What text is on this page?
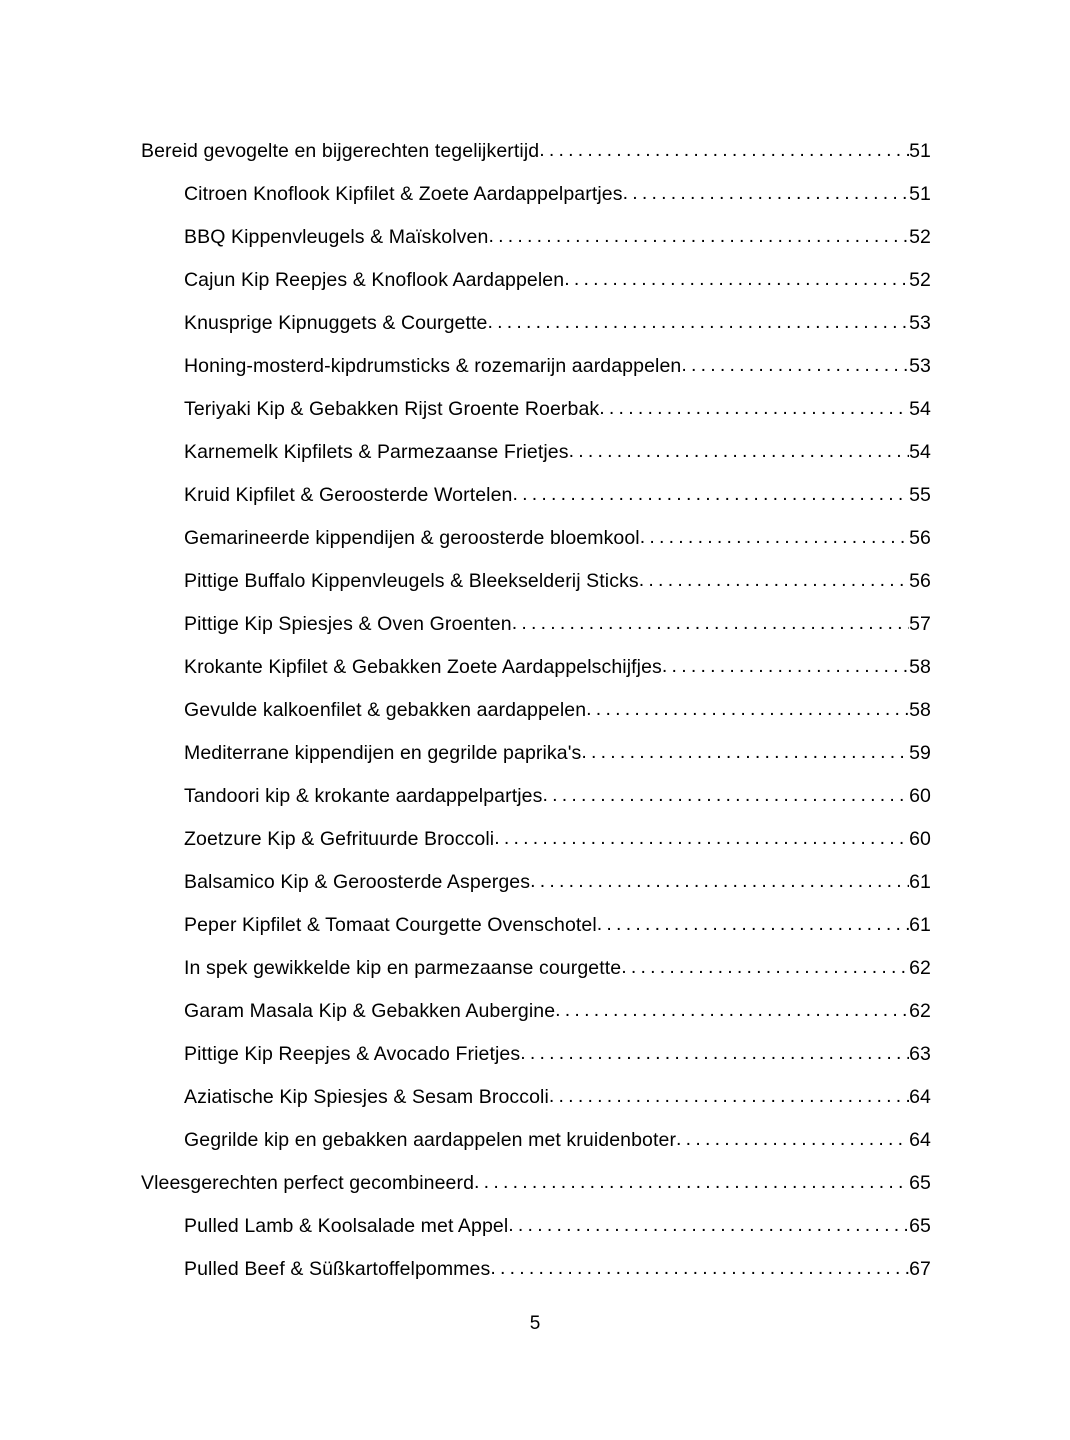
Bereid gevogelte en bijgerechten tegelijkertijd . . .	51
Citroen Knoflook Kipfilet & Zoete Aardappelpartjes . . .	51
BBQ Kippenvleugels & Maïskolven . . .	52
Cajun Kip Reepjes & Knoflook Aardappelen . . .	52
Knusprige Kipnuggets & Courgette . . .	53
Honing-mosterd-kipdrumsticks & rozemarijn aardappelen . . .	53
Teriyaki Kip & Gebakken Rijst Groente Roerbak . . .	54
Karnemelk Kipfilets & Parmezaanse Frietjes . . .	54
Kruid Kipfilet & Geroosterde Wortelen . . .	55
Gemarineerde kippendijen & geroosterde bloemkool . . .	56
Pittige Buffalo Kippenvleugels & Bleekselderij Sticks . . .	56
Pittige Kip Spiesjes & Oven Groenten . . .	57
Krokante Kipfilet & Gebakken Zoete Aardappelschijfjes . . .	58
Gevulde kalkoenfilet & gebakken aardappelen . . .	58
Mediterrane kippendijen en gegrilde paprika's . . .	59
Tandoori kip & krokante aardappelpartjes . . .	60
Zoetzure Kip & Gefrituurde Broccoli . . .	60
Balsamico Kip & Geroosterde Asperges . . .	61
Peper Kipfilet & Tomaat Courgette Ovenschotel . . .	61
In spek gewikkelde kip en parmezaanse courgette . . .	62
Garam Masala Kip & Gebakken Aubergine . . .	62
Pittige Kip Reepjes & Avocado Frietjes . . .	63
Aziatische Kip Spiesjes & Sesam Broccoli . . .	64
Gegrilde kip en gebakken aardappelen met kruidenboter . . .	64
Vleesgerechten perfect gecombineerd . . .	65
Pulled Lamb & Koolsalade met Appel . . .	65
Pulled Beef & Süßkartoffelpommes . . .	67
5
